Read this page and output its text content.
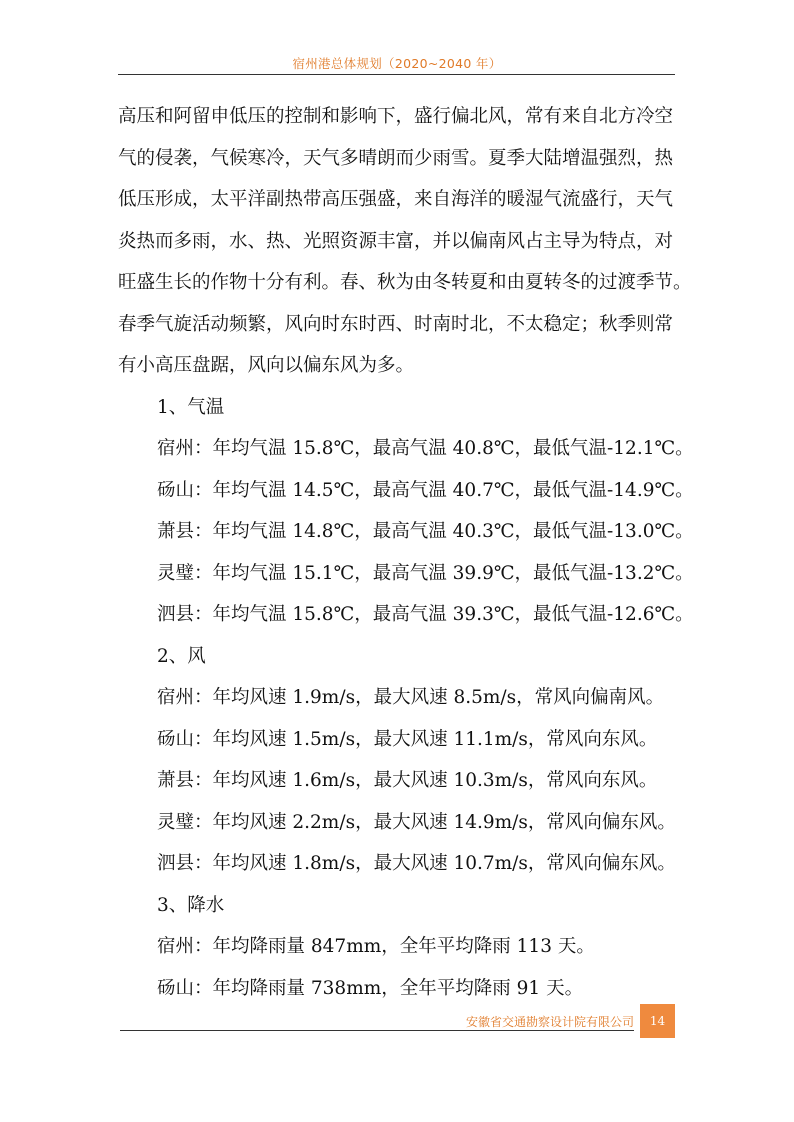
宿州港总体规划（2020~2040 年）
高压和阿留申低压的控制和影响下，盛行偏北风，常有来自北方冷空
气的侵袭，气候寒冷，天气多晴朗而少雨雪。夏季大陆增温强烈，热
低压形成，太平洋副热带高压强盛，来自海洋的暖湿气流盛行，天气
炎热而多雨，水、热、光照资源丰富，并以偏南风占主导为特点，对
旺盛生长的作物十分有利。春、秋为由冬转夏和由夏转冬的过渡季节。
春季气旋活动频繁，风向时东时西、时南时北，不太稳定；秋季则常
有小高压盘踞，风向以偏东风为多。
1、气温
宿州：年均气温 15.8℃，最高气温 40.8℃，最低气温-12.1℃。
砀山：年均气温 14.5℃，最高气温 40.7℃，最低气温-14.9℃。
萧县：年均气温 14.8℃，最高气温 40.3℃，最低气温-13.0℃。
灵璧：年均气温 15.1℃，最高气温 39.9℃，最低气温-13.2℃。
泗县：年均气温 15.8℃，最高气温 39.3℃，最低气温-12.6℃。
2、风
宿州：年均风速 1.9m/s，最大风速 8.5m/s，常风向偏南风。
砀山：年均风速 1.5m/s，最大风速 11.1m/s，常风向东风。
萧县：年均风速 1.6m/s，最大风速 10.3m/s，常风向东风。
灵璧：年均风速 2.2m/s，最大风速 14.9m/s，常风向偏东风。
泗县：年均风速 1.8m/s，最大风速 10.7m/s，常风向偏东风。
3、降水
宿州：年均降雨量 847mm，全年平均降雨 113 天。
砀山：年均降雨量 738mm，全年平均降雨 91 天。
安徽省交通勘察设计院有限公司 14
